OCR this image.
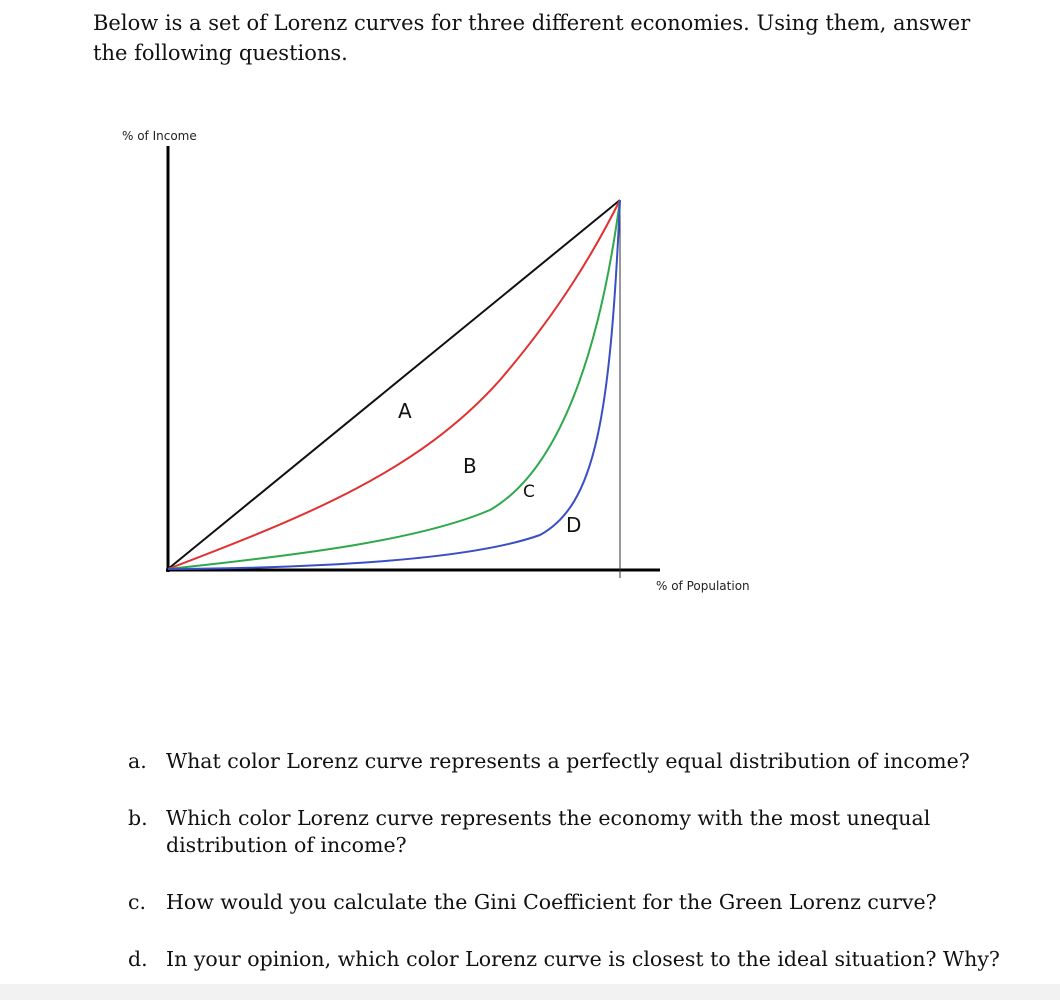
Below is a set of Lorenz curves for three different economies. Using them, answer the following questions.

% of Income
% of Population
A
B
C
D
a. What color Lorenz curve represents a perfectly equal distribution of income?
b. Which color Lorenz curve represents the economy with the most unequal distribution of income?
c. How would you calculate the Gini Coefficient for the Green Lorenz curve?
d. In your opinion, which color Lorenz curve is closest to the ideal situation? Why?
